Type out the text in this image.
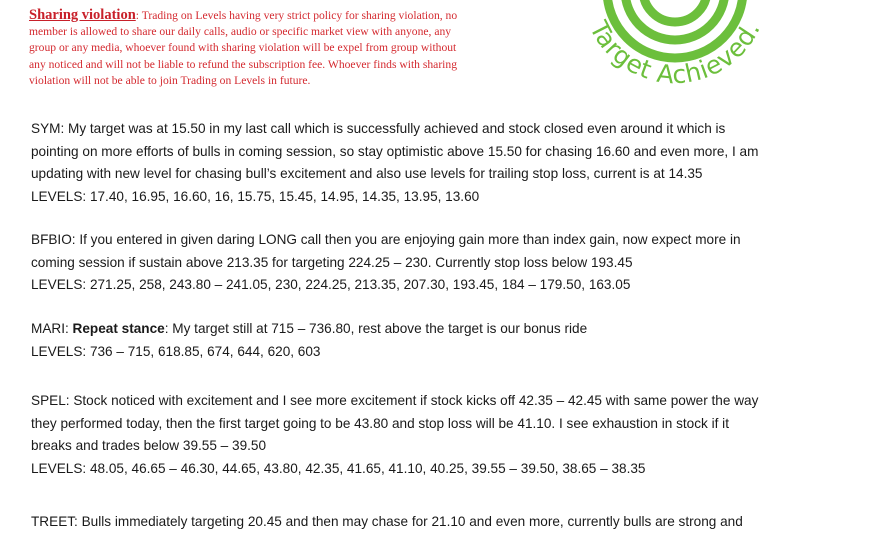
Sharing violation: Trading on Levels having very strict policy for sharing violation, no
member is allowed to share our daily calls, audio or specific market view with anyone, any
group or any media, whoever found with sharing violation will be expel from group without
any noticed and will not be liable to refund the subscription fee. Whoever finds with sharing
violation will not be able to join Trading on Levels in future.
Target Achieved.

SYM: My target was at 15.50 in my last call which is successfully achieved and stock closed even around it which is

pointing on more efforts of bulls in coming session, so stay optimistic above 15.50 for chasing 16.60 and even more, I am

updating with new level for chasing bull’s excitement and also use levels for trailing stop loss, current is at 14.35

LEVELS: 17.40, 16.95, 16.60, 16, 15.75, 15.45, 14.95, 14.35, 13.95, 13.60

BFBIO: If you entered in given daring LONG call then you are enjoying gain more than index gain, now expect more in

coming session if sustain above 213.35 for targeting 224.25 – 230. Currently stop loss below 193.45

LEVELS: 271.25, 258, 243.80 – 241.05, 230, 224.25, 213.35, 207.30, 193.45, 184 – 179.50, 163.05

MARI: Repeat stance: My target still at 715 – 736.80, rest above the target is our bonus ride

LEVELS: 736 – 715, 618.85, 674, 644, 620, 603

SPEL: Stock noticed with excitement and I see more excitement if stock kicks off 42.35 – 42.45 with same power the way

they performed today, then the first target going to be 43.80 and stop loss will be 41.10. I see exhaustion in stock if it

breaks and trades below 39.55 – 39.50

LEVELS: 48.05, 46.65 – 46.30, 44.65, 43.80, 42.35, 41.65, 41.10, 40.25, 39.55 – 39.50, 38.65 – 38.35

TREET: Bulls immediately targeting 20.45 and then may chase for 21.10 and even more, currently bulls are strong and
